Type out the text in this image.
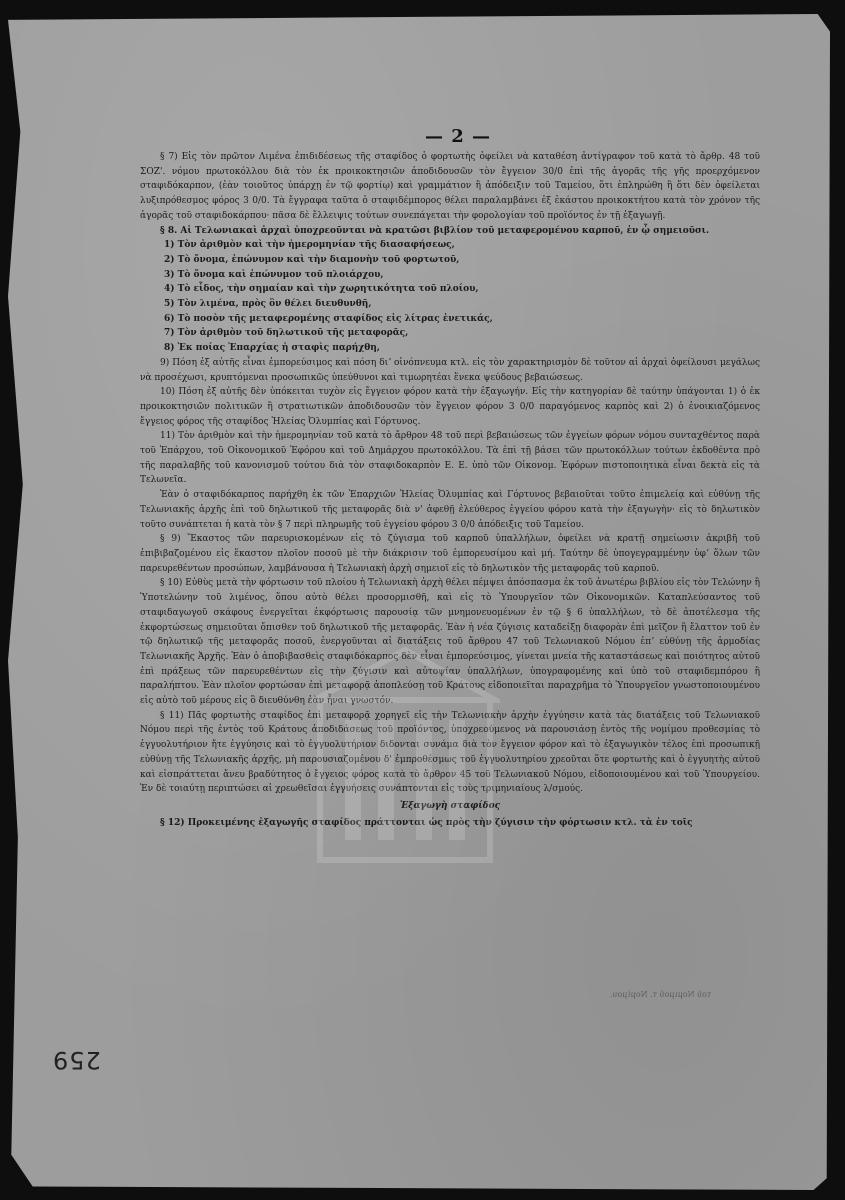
— 2 —

§ 7) Εἰς τὸν πρῶτον Λιμένα ἐπιδιδέσεως τῆς σταφίδος ὁ φορτωτὴς ὀφείλει νὰ καταθέση ἀντίγραφον τοῦ κατὰ τὸ ἄρθρ. 48 τοῦ ΣΟΖ'. νόμου πρωτοκόλλου διὰ τὸν ἐκ προικοκτησιῶν ἀποδιδουσῶν τὸν ἔγγειον 30/0 ἐπὶ τῆς ἀγορᾶς τῆς γῆς προερχόμενον σταφιδόκαρπον, (ἐὰν τοιοῦτος ὑπάρχῃ ἐν τῷ φορτίῳ) καὶ γραμμάτιον ἢ ἀπόδειξιν τοῦ Ταμείου, ὅτι ἐπληρώθη ἢ ὅτι δὲν ὀφείλεται λυξιπρόθεσμος φόρος 3 0/0. Τὰ ἔγγραφα ταῦτα ὁ σταφιδέμπορος θέλει παραλαμβάνει ἐξ ἑκάστου προικοκτήτου κατὰ τὸν χρόνον τῆς ἀγορᾶς τοῦ σταφιδοκάρπου· πᾶσα δὲ ἔλλειψις τούτων συνεπάγεται τὴν φορολογίαν τοῦ προϊόντος ἐν τῇ ἐξαγωγῇ.

§ 8. Αἱ Τελωνιακαὶ ἀρχαὶ ὑποχρεοῦνται νὰ κρατῶσι βιβλίον τοῦ μεταφερομένου καρποῦ, ἐν ᾧ σημειοῦσι.

1) Τὸν ἀριθμὸν καὶ τὴν ἡμερομηνίαν τῆς διασαφήσεως,

2) Τὸ ὄνομα, ἐπώνυμον καὶ τὴν διαμονὴν τοῦ φορτωτοῦ,

3) Τὸ ὄνομα καὶ ἐπώνυμον τοῦ πλοιάρχου,

4) Τὸ εἶδος, τὴν σημαίαν καὶ τὴν χωρητικότητα τοῦ πλοίου,

5) Τὸν λιμένα, πρὸς ὃν θέλει διευθυνθῆ,

6) Τὸ ποσὸν τῆς μεταφερομένης σταφίδος εἰς λίτρας ἐνετικάς,

7) Τὸν ἀριθμὸν τοῦ δηλωτικοῦ τῆς μεταφορᾶς,

8) Ἐκ ποίας Ἐπαρχίας ἡ σταφὶς παρήχθη,

9) Πόση ἐξ αὐτῆς εἶναι ἐμπορεύσιμος καὶ πόση διʼ οἰνόπνευμα κτλ. εἰς τὸν χαρακτηρισμὸν δὲ τοῦτον αἱ ἀρχαὶ ὀφείλουσι μεγάλως νὰ προσέχωσι, κρυπτόμεναι προσωπικῶς ὑπεύθυνοι καὶ τιμωρητέαι ἕνεκα ψεύδους βεβαιώσεως.

10) Πόση ἐξ αὐτῆς δὲν ὑπόκειται τυχὸν εἰς ἔγγειον φόρον κατὰ τὴν ἐξαγωγήν. Εἰς τὴν κατηγορίαν δὲ ταύτην ὑπάγονται 1) ὁ ἐκ προικοκτησιῶν πολιτικῶν ἢ στρατιωτικῶν ἀποδιδουσῶν τὸν ἔγγειον φόρον 3 0/0 παραγόμενος καρπὸς καὶ 2) ὁ ἐνοικιαζόμενος ἔγγειος φόρος τῆς σταφίδος Ἠλείας Ὀλυμπίας καὶ Γόρτυνος.

11) Τὸν ἀριθμὸν καὶ τὴν ἡμερομηνίαν τοῦ κατὰ τὸ ἄρθρον 48 τοῦ περὶ βεβαιώσεως τῶν ἐγγείων φόρων νόμου συνταχθέντος παρὰ τοῦ Ἐπάρχου, τοῦ Οἰκονομικοῦ Ἐφόρου καὶ τοῦ Δημάρχου πρωτοκόλλου. Τὰ ἐπὶ τῇ βάσει τῶν πρωτοκόλλων τούτων ἐκδοθέντα πρὸ τῆς παραλαβῆς τοῦ κανονισμοῦ τούτου διὰ τὸν σταφιδοκαρπὸν Ε. Ε. ὑπὸ τῶν Οἰκονομ. Ἐφόρων πιστοποιητικὰ εἶναι δεκτὰ εἰς τὰ Τελωνεῖα.

Ἐὰν ὁ σταφιδόκαρπος παρήχθη ἐκ τῶν Ἐπαρχιῶν Ἠλείας Ὀλυμπίας καὶ Γόρτυνος βεβαιοῦται τοῦτο ἐπιμελείᾳ καὶ εὐθύνῃ τῆς Τελωνιακῆς ἀρχῆς ἐπὶ τοῦ δηλωτικοῦ τῆς μεταφορᾶς διὰ ν' ἀφεθῇ ἐλεύθερος ἐγγείου φόρου κατὰ τὴν ἐξαγωγὴν· εἰς τὸ δηλωτικὸν τοῦτο συνάπτεται ἡ κατὰ τὸν § 7 περὶ πληρωμῆς τοῦ ἐγγείου φόρου 3 0/0 ἀπόδειξις τοῦ Ταμείου.

§ 9) Ἕκαστος τῶν παρευρισκομένων εἰς τὸ ζύγισμα τοῦ καρποῦ ὑπαλλήλων, ὀφείλει νὰ κρατῇ σημείωσιν ἀκριβῆ τοῦ ἐπιβιβαζομένου εἰς ἕκαστον πλοῖον ποσοῦ μὲ τὴν διάκρισιν τοῦ ἐμπορευσίμου καὶ μή. Ταύτην δὲ ὑπογεγραμμένην ὑφʼ ὅλων τῶν παρευρεθέντων προσώπων, λαμβάνουσα ἡ Τελωνιακὴ ἀρχὴ σημειοῖ εἰς τὸ δηλωτικὸν τῆς μεταφορᾶς τοῦ καρποῦ.

§ 10) Εὐθὺς μετὰ τὴν φόρτωσιν τοῦ πλοίου ἡ Τελωνιακὴ ἀρχὴ θέλει πέμψει ἀπόσπασμα ἐκ τοῦ ἀνωτέρω βιβλίου εἰς τὸν Τελώνην ἢ Ὑποτελώνην τοῦ λιμένος, ὅπου αὐτὸ θέλει προσορμισθῆ, καὶ εἰς τὸ Ὑπουργεῖον τῶν Οἰκονομικῶν. Καταπλεύσαντος τοῦ σταφιδαγωγοῦ σκάφους ἐνεργεῖται ἐκφόρτωσις παρουσίᾳ τῶν μνημονευομένων ἐν τῷ § 6 ὑπαλλήλων, τὸ δὲ ἀποτέλεσμα τῆς ἐκφορτώσεως σημειοῦται ὄπισθεν τοῦ δηλωτικοῦ τῆς μεταφορᾶς. Ἐὰν ἡ νέα ζύγισις καταδείξῃ διαφορὰν ἐπὶ μεῖζον ἢ ἔλαττον τοῦ ἐν τῷ δηλωτικῷ τῆς μεταφορᾶς ποσοῦ, ἐνεργοῦνται αἱ διατάξεις τοῦ ἄρθρου 47 τοῦ Τελωνιακοῦ Νόμου ἐπʼ εὐθύνῃ τῆς ἁρμοδίας Τελωνιακῆς Ἀρχῆς. Ἐὰν ὁ ἀποβιβασθεὶς σταφιδόκαρπος δὲν εἶναι ἐμπορεύσιμος, γίνεται μνεία τῆς καταστάσεως καὶ ποιότητος αὐτοῦ ἐπὶ πράξεως τῶν παρευρεθέντων εἰς τὴν ζύγισιν καὶ αὐτοψίαν ὑπαλλήλων, ὑπογραφομένης καὶ ὑπὸ τοῦ σταφιδεμπόρου ἢ παραλήπτου. Ἐὰν πλοῖον φορτώσαν ἐπὶ μεταφορᾷ ἀποπλεύσῃ τοῦ Κράτους εἰδοποιεῖται παραχρῆμα τὸ Ὑπουργεῖον γνωστοποιουμένου εἰς αὐτὸ τοῦ μέρους εἰς ὃ διευθύνθη ἐὰν ἦναι γνωστόν.

§ 11) Πᾶς φορτωτὴς σταφίδος ἐπὶ μεταφορᾷ χορηγεῖ εἰς τὴν Τελωνιακὴν ἀρχὴν ἐγγύησιν κατὰ τὰς διατάξεις τοῦ Τελωνιακοῦ Νόμου περὶ τῆς ἐντὸς τοῦ Κράτους ἀποδιδάσεως τοῦ προϊόντος, ὑποχρεούμενος νὰ παρουσιάσῃ ἐντὸς τῆς νομίμου προθεσμίας τὸ ἐγγυολυτήριον ἤτε ἐγγύησις καὶ τὸ ἐγγυολυτήριον διδονται συνάμα διὰ τὸν ἔγγειον φόρον καὶ τὸ ἐξαγωγικὸν τέλος ἐπὶ προσωπικῇ εὐθύνῃ τῆς Τελωνιακῆς ἀρχῆς, μὴ παρουσιαζομένου δ' ἐμπροθέσμως τοῦ ἐγγυολυτηρίου χρεοῦται ὅτε φορτωτὴς καὶ ὁ ἐγγυητὴς αὐτοῦ καὶ εἰσπράττεται ἄνευ βραδύτητος ὁ ἔγγειος φόρος κατὰ τὸ ἄρθρον 45 τοῦ Τελωνιακοῦ Νόμου, εἰδοποιουμένου καὶ τοῦ Ὑπουργείου. Ἐν δὲ τοιαύτῃ περιπτώσει αἱ χρεωθεῖσαι ἐγγυήσεις συνάπτονται εἰς τοὺς τριμηνιαίους λ/σμούς.

Ἐξαγωγὴ σταφίδος

§ 12) Προκειμένης ἐξαγωγῆς σταφίδος πράττονται ὡς πρὸς τὴν ζύγισιν τὴν φόρτωσιν κτλ. τὰ ἐν τοῖς

τοῦ Νομιμοῦ τ. Νομίμου.
259
